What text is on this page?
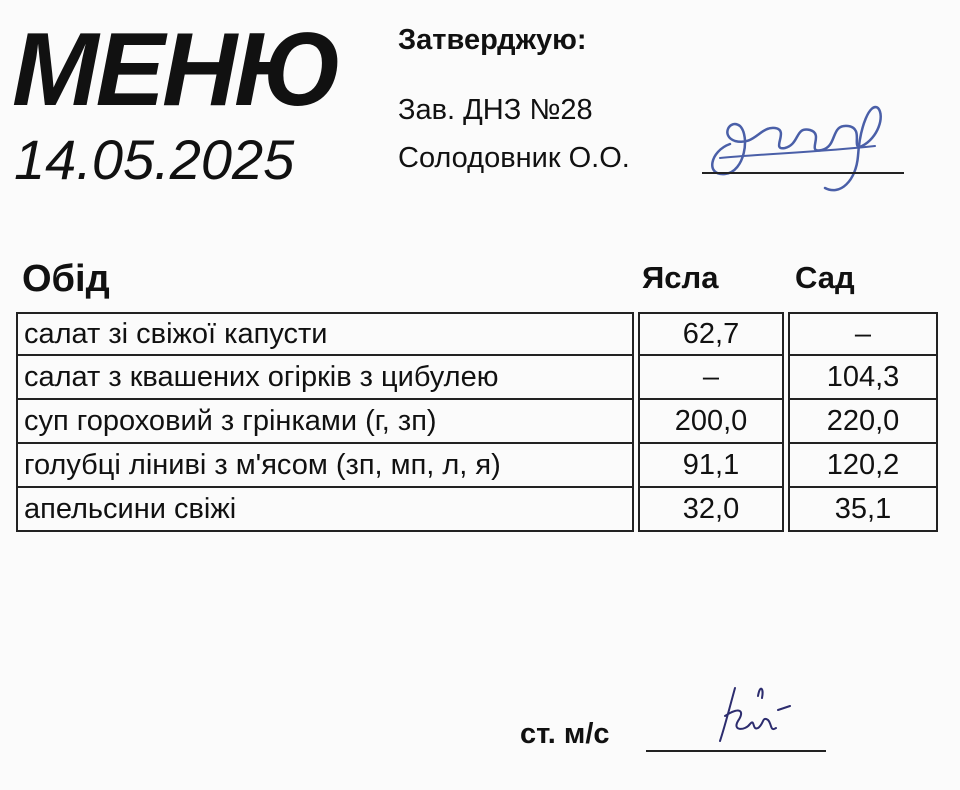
МЕНЮ
14.05.2025
Затверджую:
Зав. ДНЗ №28
Солодовник О.О.
Обід	Ясла Сад
салат зі свіжої капусти		62,7		–
салат з квашених огірків з цибулею		–		104,3
суп гороховий з грінками (г, зп)		200,0		220,0
голубці ліниві з м'ясом (зп, мп, л, я)		91,1		120,2
апельсини свіжі		32,0		35,1
ст. м/с
